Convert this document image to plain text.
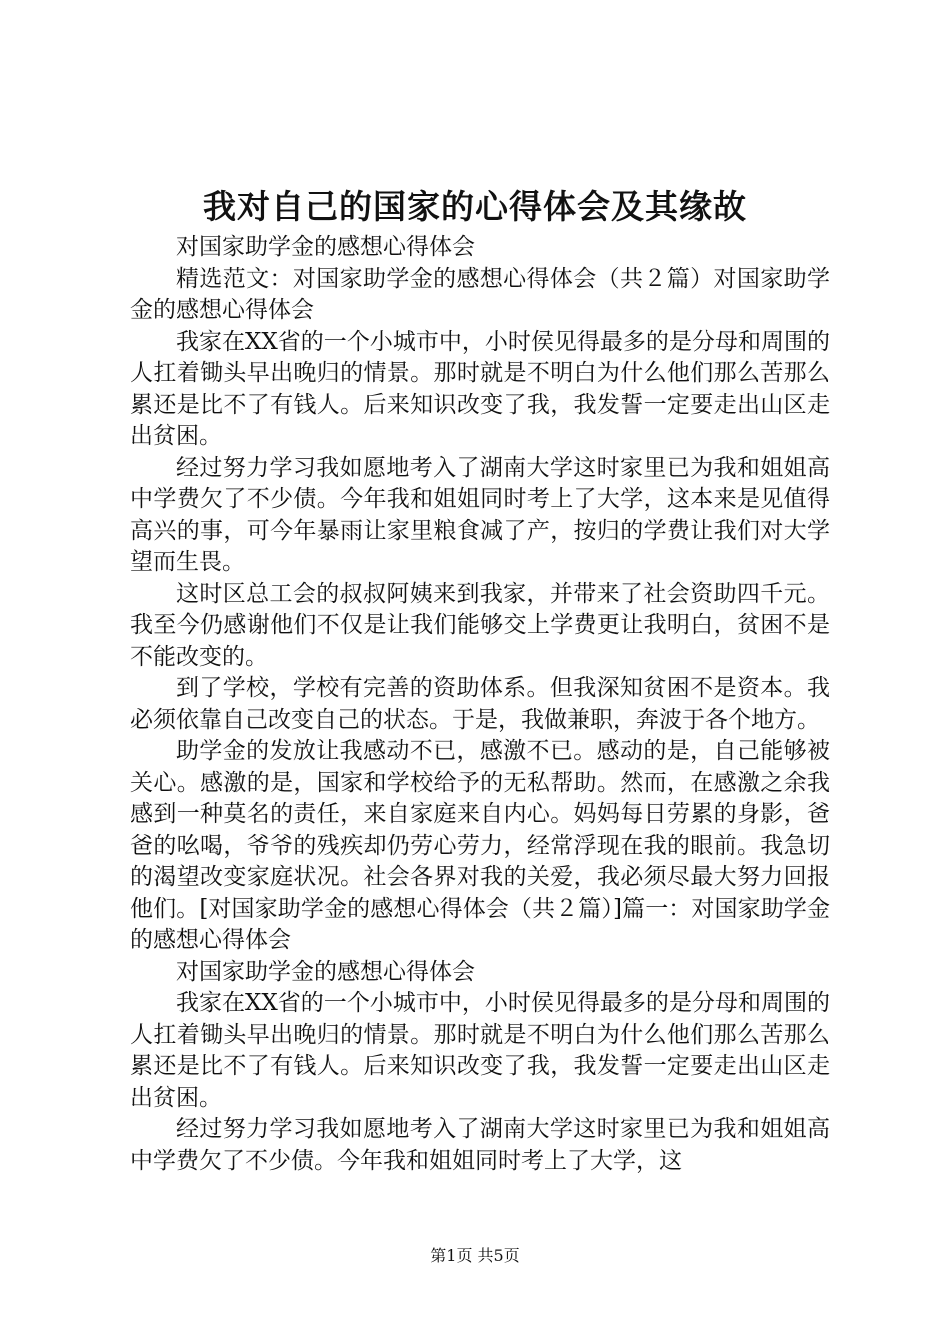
我对自己的国家的心得体会及其缘故

对国家助学金的感想心得体会

精选范文：对国家助学金的感想心得体会（共２篇）对国家助学金的感想心得体会

我家在XX省的一个小城市中，小时侯见得最多的是分母和周围的人扛着锄头早出晚归的情景。那时就是不明白为什么他们那么苦那么累还是比不了有钱人。后来知识改变了我，我发誓一定要走出山区走出贫困。

经过努力学习我如愿地考入了湖南大学这时家里已为我和姐姐高中学费欠了不少债。今年我和姐姐同时考上了大学，这本来是见值得高兴的事，可今年暴雨让家里粮食减了产，按归的学费让我们对大学望而生畏。

这时区总工会的叔叔阿姨来到我家，并带来了社会资助四千元。我至今仍感谢他们不仅是让我们能够交上学费更让我明白，贫困不是不能改变的。

到了学校，学校有完善的资助体系。但我深知贫困不是资本。我必须依靠自己改变自己的状态。于是，我做兼职，奔波于各个地方。

助学金的发放让我感动不已，感激不已。感动的是，自己能够被关心。感激的是，国家和学校给予的无私帮助。然而，在感激之余我感到一种莫名的责任，来自家庭来自内心。妈妈每日劳累的身影，爸爸的吆喝，爷爷的残疾却仍劳心劳力，经常浮现在我的眼前。我急切的渴望改变家庭状况。社会各界对我的关爱，我必须尽最大努力回报他们。[对国家助学金的感想心得体会（共２篇）]篇一：对国家助学金的感想心得体会

对国家助学金的感想心得体会

我家在XX省的一个小城市中，小时侯见得最多的是分母和周围的人扛着锄头早出晚归的情景。那时就是不明白为什么他们那么苦那么累还是比不了有钱人。后来知识改变了我，我发誓一定要走出山区走出贫困。

经过努力学习我如愿地考入了湖南大学这时家里已为我和姐姐高中学费欠了不少债。今年我和姐姐同时考上了大学，这

第1页 共5页
